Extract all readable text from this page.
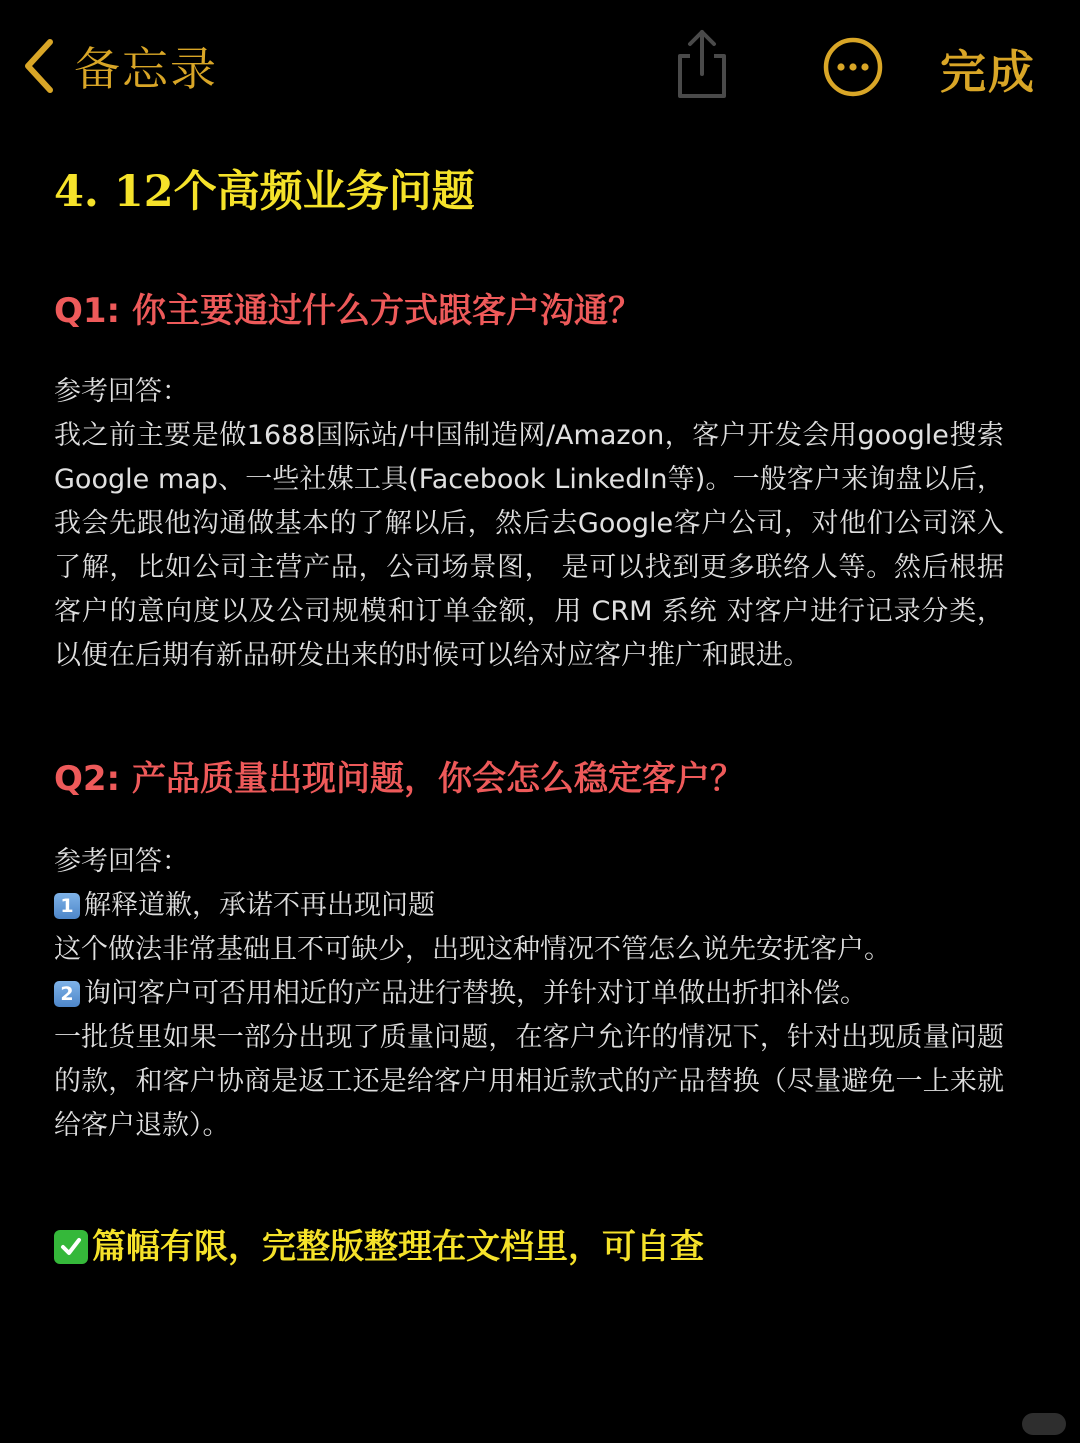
备忘录	完成
4. 12个高频业务问题
Q1: 你主要通过什么方式跟客户沟通？
参考回答：

我之前主要是做1688国际站/中国制造网/Amazon，客户开发会用google搜索Google map、一些社媒工具(Facebook LinkedIn等)。一般客户来询盘以后，我会先跟他沟通做基本的了解以后，然后去Google客户公司，对他们公司深入了解，比如公司主营产品，公司场景图， 是可以找到更多联络人等。然后根据客户的意向度以及公司规模和订单金额，用 CRM 系统 对客户进行记录分类，以便在后期有新品研发出来的时候可以给对应客户推广和跟进。

Q2: 产品质量出现问题，你会怎么稳定客户？
参考回答：
1 解释道歉，承诺不再出现问题

这个做法非常基础且不可缺少，出现这种情况不管怎么说先安抚客户。

2 询问客户可否用相近的产品进行替换，并针对订单做出折扣补偿。

一批货里如果一部分出现了质量问题，在客户允许的情况下，针对出现质量问题的款，和客户协商是返工还是给客户用相近款式的产品替换（尽量避免一上来就给客户退款）。

篇幅有限，完整版整理在文档里，可自查
